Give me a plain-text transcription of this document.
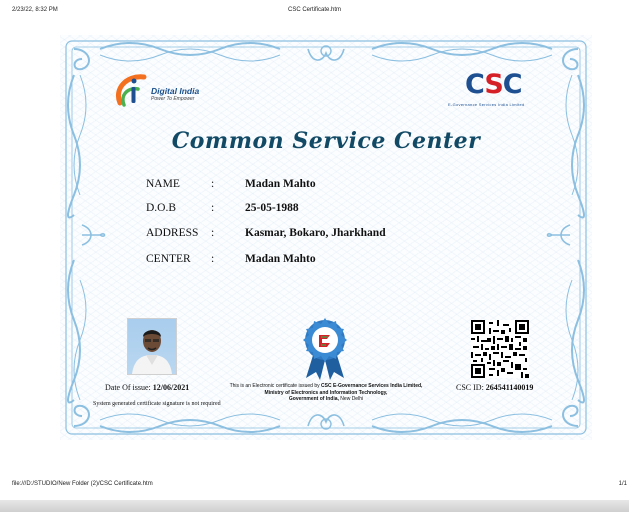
2/23/22, 8:32 PM	CSC Certificate.htm
Digital India
Power To Empower	CSC
E-Governance Services India Limited
Common Service Center
NAME	:	Madan Mahto
D.O.B	:	25-05-1988
ADDRESS :	Kasmar, Bokaro, Jharkhand
CENTER :	Madan Mahto
Date Of issue: 12/06/2021
System generated certificate signature is not required
This is an Electronic certificate issued by CSC E-Governance Services India Limited,
Ministry of Electronics and Information Technology,
Government of India, New Delhi
CSC ID: 264541140019
file:///D:/STUDIO/New Folder (2)/CSC Certificate.htm	1/1
